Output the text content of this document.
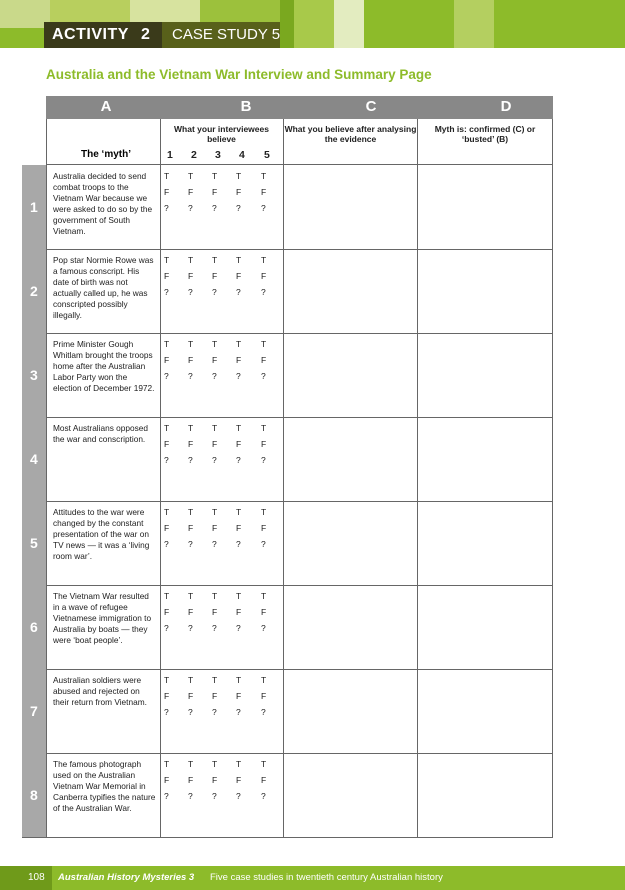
ACTIVITY 2 CASE STUDY 5
Australia and the Vietnam War Interview and Summary Page
A	B	C	D
The ‘myth’
What your interviewees believe
1 2 3 4 5
What you believe after analysing the evidence
Myth is: confirmed (C) or ‘busted’ (B)
1
Australia decided to send combat troops to the Vietnam War because we were asked to do so by the government of South Vietnam.
T T T T T
F F F F F
? ? ? ? ?
2
Pop star Normie Rowe was a famous conscript. His date of birth was not actually called up, he was conscripted possibly illegally.
T T T T T
F F F F F
? ? ? ? ?
3
Prime Minister Gough Whitlam brought the troops home after the Australian Labor Party won the election of December 1972.
T T T T T
F F F F F
? ? ? ? ?
4
Most Australians opposed the war and conscription.
T T T T T
F F F F F
? ? ? ? ?
5
Attitudes to the war were changed by the constant presentation of the war on TV news — it was a ‘living room war’.
T T T T T
F F F F F
? ? ? ? ?
6
The Vietnam War resulted in a wave of refugee Vietnamese immigration to Australia by boats — they were ‘boat people’.
T T T T T
F F F F F
? ? ? ? ?
7
Australian soldiers were abused and rejected on their return from Vietnam.
T T T T T
F F F F F
? ? ? ? ?
8
The famous photograph used on the Australian Vietnam War Memorial in Canberra typifies the nature of the Australian War.
T T T T T
F F F F F
? ? ? ? ?
108 Australian History Mysteries 3 Five case studies in twentieth century Australian history
